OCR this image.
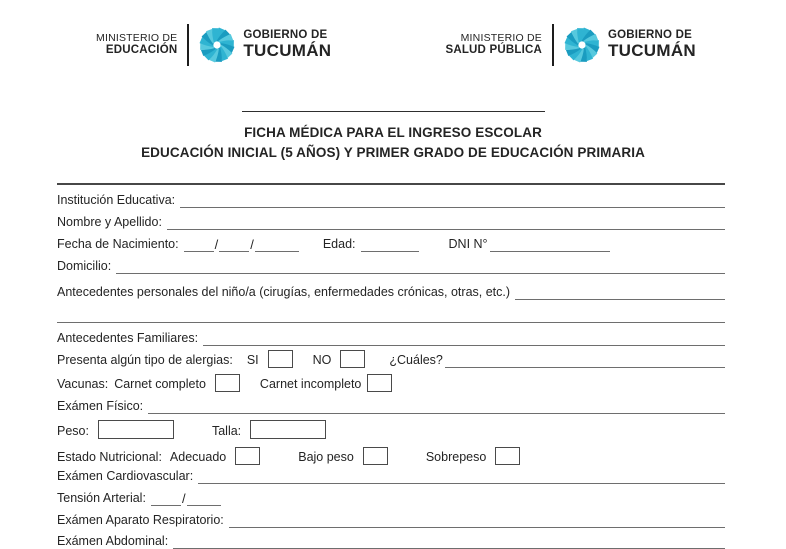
MINISTERIO DE
EDUCACIÓN
GOBIERNO DE
TUCUMÁN
MINISTERIO DE
SALUD PÚBLICA
GOBIERNO DE
TUCUMÁN
FICHA MÉDICA PARA EL INGRESO ESCOLAR
EDUCACIÓN INICIAL (5 AÑOS) Y PRIMER GRADO DE EDUCACIÓN PRIMARIA
Institución Educativa:
Nombre y Apellido:
Fecha de Nacimiento:	/ /	Edad:	DNI N°
Domicilio:
Antecedentes personales del niño/a (cirugías, enfermedades crónicas, otras, etc.)
Antecedentes Familiares:
Presenta algún tipo de alergias: SI	NO	¿Cuáles?
Vacunas: Carnet completo	Carnet incompleto
Exámen Físico:
Peso:	Talla:
Estado Nutricional: Adecuado	Bajo peso	Sobrepeso
Exámen Cardiovascular:
Tensión Arterial:	/
Exámen Aparato Respiratorio:
Exámen Abdominal:
